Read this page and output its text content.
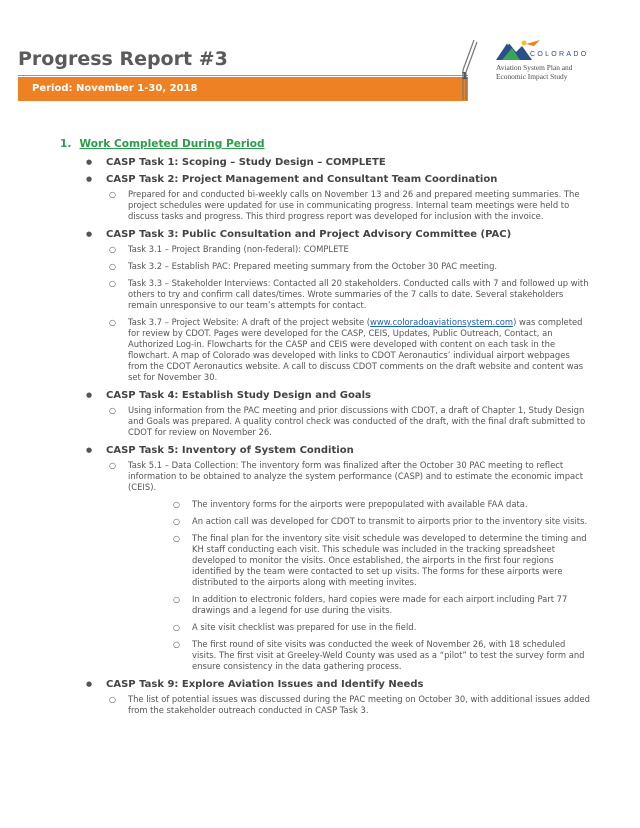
Progress Report #3
Period: November 1-30, 2018
1
COLORADO
Aviation System Plan and
Economic Impact Study
1. Work Completed During Period
● CASP Task 1: Scoping – Study Design – COMPLETE
● CASP Task 2: Project Management and Consultant Team Coordination
○ Prepared for and conducted bi-weekly calls on November 13 and 26 and prepared meeting summaries. The project schedules were updated for use in communicating progress. Internal team meetings were held to discuss tasks and progress. This third progress report was developed for inclusion with the invoice.
● CASP Task 3: Public Consultation and Project Advisory Committee (PAC)
○ Task 3.1 – Project Branding (non-federal): COMPLETE
○ Task 3.2 – Establish PAC: Prepared meeting summary from the October 30 PAC meeting.
○ Task 3.3 – Stakeholder Interviews: Contacted all 20 stakeholders. Conducted calls with 7 and followed up with others to try and confirm call dates/times. Wrote summaries of the 7 calls to date. Several stakeholders remain unresponsive to our team’s attempts for contact.
○ Task 3.7 – Project Website: A draft of the project website (www.coloradoaviationsystem.com) was completed for review by CDOT. Pages were developed for the CASP, CEIS, Updates, Public Outreach, Contact, an Authorized Log-in. Flowcharts for the CASP and CEIS were developed with content on each task in the flowchart. A map of Colorado was developed with links to CDOT Aeronautics’ individual airport webpages from the CDOT Aeronautics website. A call to discuss CDOT comments on the draft website and content was set for November 30.
● CASP Task 4: Establish Study Design and Goals
○ Using information from the PAC meeting and prior discussions with CDOT, a draft of Chapter 1, Study Design and Goals was prepared. A quality control check was conducted of the draft, with the final draft submitted to CDOT for review on November 26.
● CASP Task 5: Inventory of System Condition
○ Task 5.1 – Data Collection: The inventory form was finalized after the October 30 PAC meeting to reflect information to be obtained to analyze the system performance (CASP) and to estimate the economic impact (CEIS).
○ The inventory forms for the airports were prepopulated with available FAA data.
○ An action call was developed for CDOT to transmit to airports prior to the inventory site visits.
○ The final plan for the inventory site visit schedule was developed to determine the timing and KH staff conducting each visit. This schedule was included in the tracking spreadsheet developed to monitor the visits. Once established, the airports in the first four regions identified by the team were contacted to set up visits. The forms for these airports were distributed to the airports along with meeting invites.
○ In addition to electronic folders, hard copies were made for each airport including Part 77 drawings and a legend for use during the visits.
○ A site visit checklist was prepared for use in the field.
○ The first round of site visits was conducted the week of November 26, with 18 scheduled visits. The first visit at Greeley-Weld County was used as a “pilot” to test the survey form and ensure consistency in the data gathering process.
● CASP Task 9: Explore Aviation Issues and Identify Needs
○ The list of potential issues was discussed during the PAC meeting on October 30, with additional issues added from the stakeholder outreach conducted in CASP Task 3.
